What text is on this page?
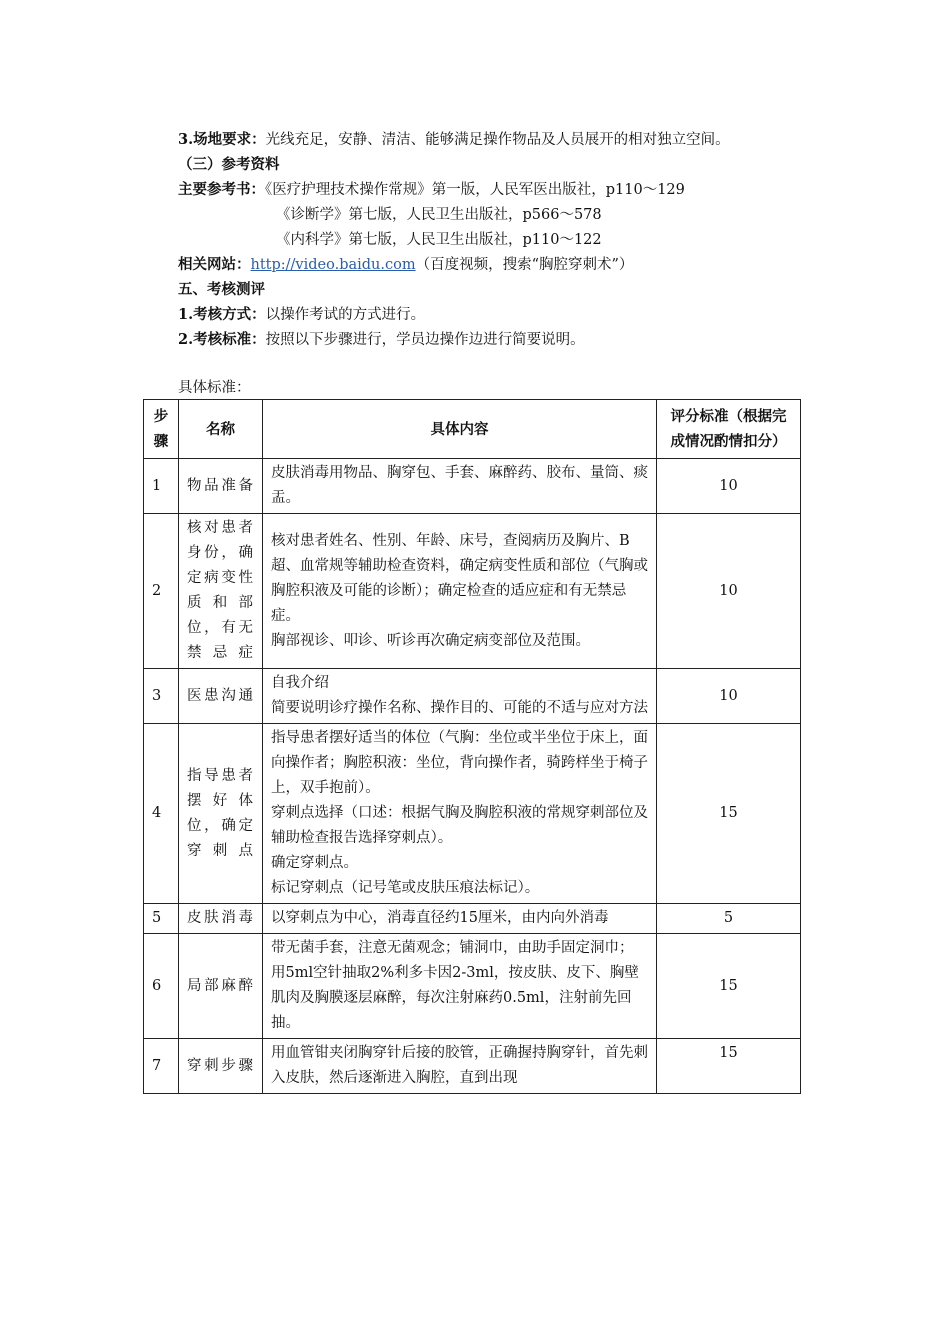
3.场地要求：光线充足，安静、清洁、能够满足操作物品及人员展开的相对独立空间。
（三）参考资料
主要参考书：《医疗护理技术操作常规》第一版，人民军医出版社，p110～129
《诊断学》第七版，人民卫生出版社，p566～578
《内科学》第七版，人民卫生出版社，p110～122
相关网站：http://video.baidu.com（百度视频，搜索“胸腔穿刺术”）
五、考核测评
1.考核方式：以操作考试的方式进行。
2.考核标准：按照以下步骤进行，学员边操作边进行简要说明。
具体标准：
步骤	名称	具体内容	评分标准（根据完成情况酌情扣分）
1	物品准备	皮肤消毒用物品、胸穿包、手套、麻醉药、胶布、量筒、痰盂。	10
2	核对患者身份，确定病变性质和部位，有无禁忌症	核对患者姓名、性别、年龄、床号，查阅病历及胸片、B超、血常规等辅助检查资料，确定病变性质和部位（气胸或胸腔积液及可能的诊断）；确定检查的适应症和有无禁忌症。
胸部视诊、叩诊、听诊再次确定病变部位及范围。	10
3	医患沟通	自我介绍
简要说明诊疗操作名称、操作目的、可能的不适与应对方法	10
4	指导患者摆好体位，确定穿刺点	指导患者摆好适当的体位（气胸：坐位或半坐位于床上，面向操作者；胸腔积液：坐位，背向操作者，骑跨样坐于椅子上，双手抱前）。
穿刺点选择（口述：根据气胸及胸腔积液的常规穿刺部位及辅助检查报告选择穿刺点）。
确定穿刺点。
标记穿刺点（记号笔或皮肤压痕法标记）。	15
5	皮肤消毒	以穿刺点为中心，消毒直径约15厘米，由内向外消毒	5
6	局部麻醉	带无菌手套，注意无菌观念；铺洞巾，由助手固定洞巾；
用5ml空针抽取2%利多卡因2-3ml，按皮肤、皮下、胸壁肌肉及胸膜逐层麻醉，每次注射麻药0.5ml，注射前先回抽。	15
7	穿刺步骤	用血管钳夹闭胸穿针后接的胶管，正确握持胸穿针，首先刺入皮肤，然后逐渐进入胸腔，直到出现	15
